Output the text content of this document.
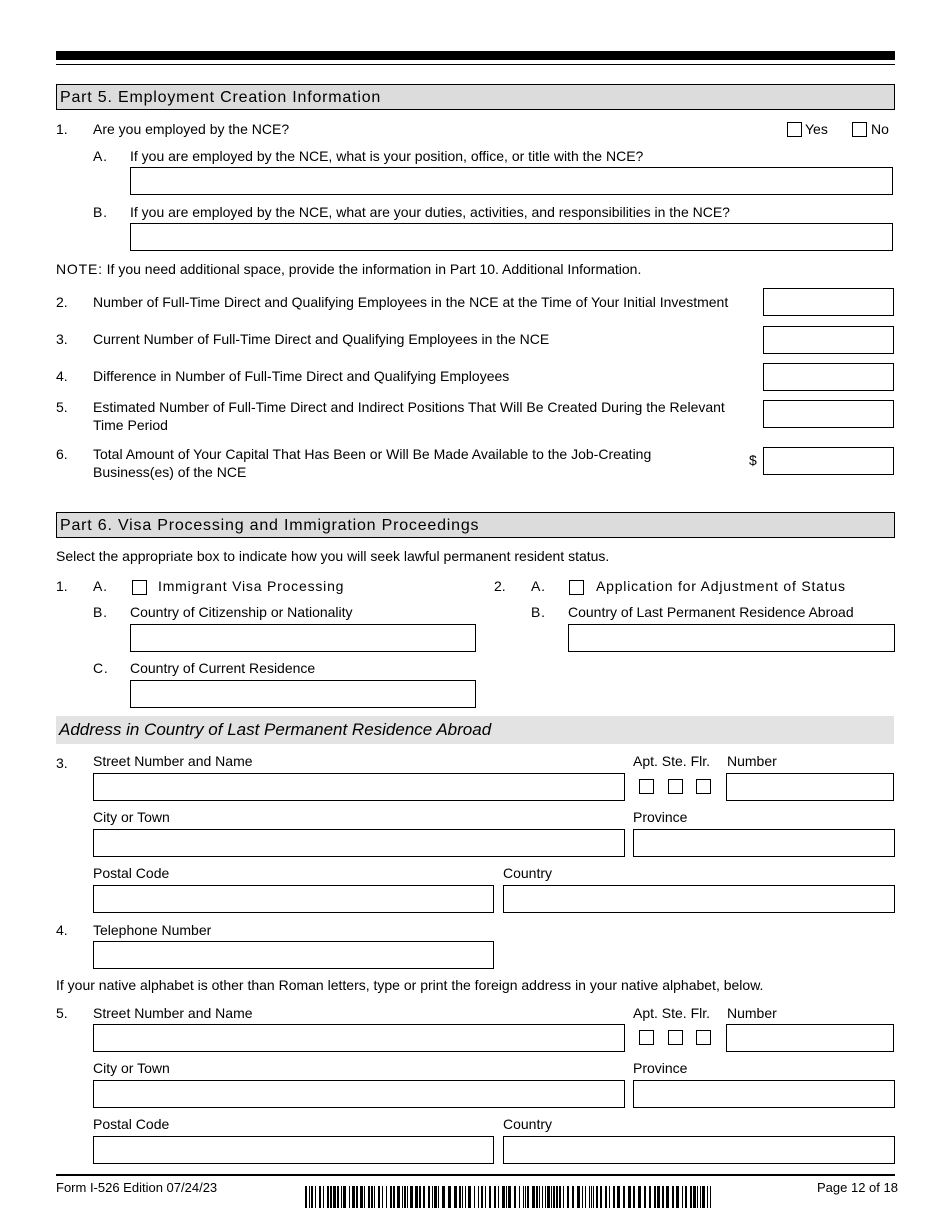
Part 5. Employment Creation Information
1. Are you employed by the NCE?	Yes	No
A. If you are employed by the NCE, what is your position, office, or title with the NCE?
B. If you are employed by the NCE, what are your duties, activities, and responsibilities in the NCE?
NOTE: If you need additional space, provide the information in Part 10. Additional Information.
2. Number of Full-Time Direct and Qualifying Employees in the NCE at the Time of Your Initial Investment
3. Current Number of Full-Time Direct and Qualifying Employees in the NCE
4. Difference in Number of Full-Time Direct and Qualifying Employees
5. Estimated Number of Full-Time Direct and Indirect Positions That Will Be Created During the Relevant Time Period
6. Total Amount of Your Capital That Has Been or Will Be Made Available to the Job-Creating Business(es) of the NCE
$
Part 6. Visa Processing and Immigration Proceedings
Select the appropriate box to indicate how you will seek lawful permanent resident status.
1. A.	Immigrant Visa Processing
B. Country of Citizenship or Nationality
C. Country of Current Residence
2. A.	Application for Adjustment of Status
B. Country of Last Permanent Residence Abroad
Address in Country of Last Permanent Residence Abroad
3. Street Number and Name	Apt. Ste. Flr. Number
City or Town	Province
Postal Code	Country
4. Telephone Number
If your native alphabet is other than Roman letters, type or print the foreign address in your native alphabet, below.
5. Street Number and Name	Apt. Ste. Flr. Number
City or Town	Province
Postal Code	Country
Form I-526 Edition 07/24/23	Page 12 of 18
